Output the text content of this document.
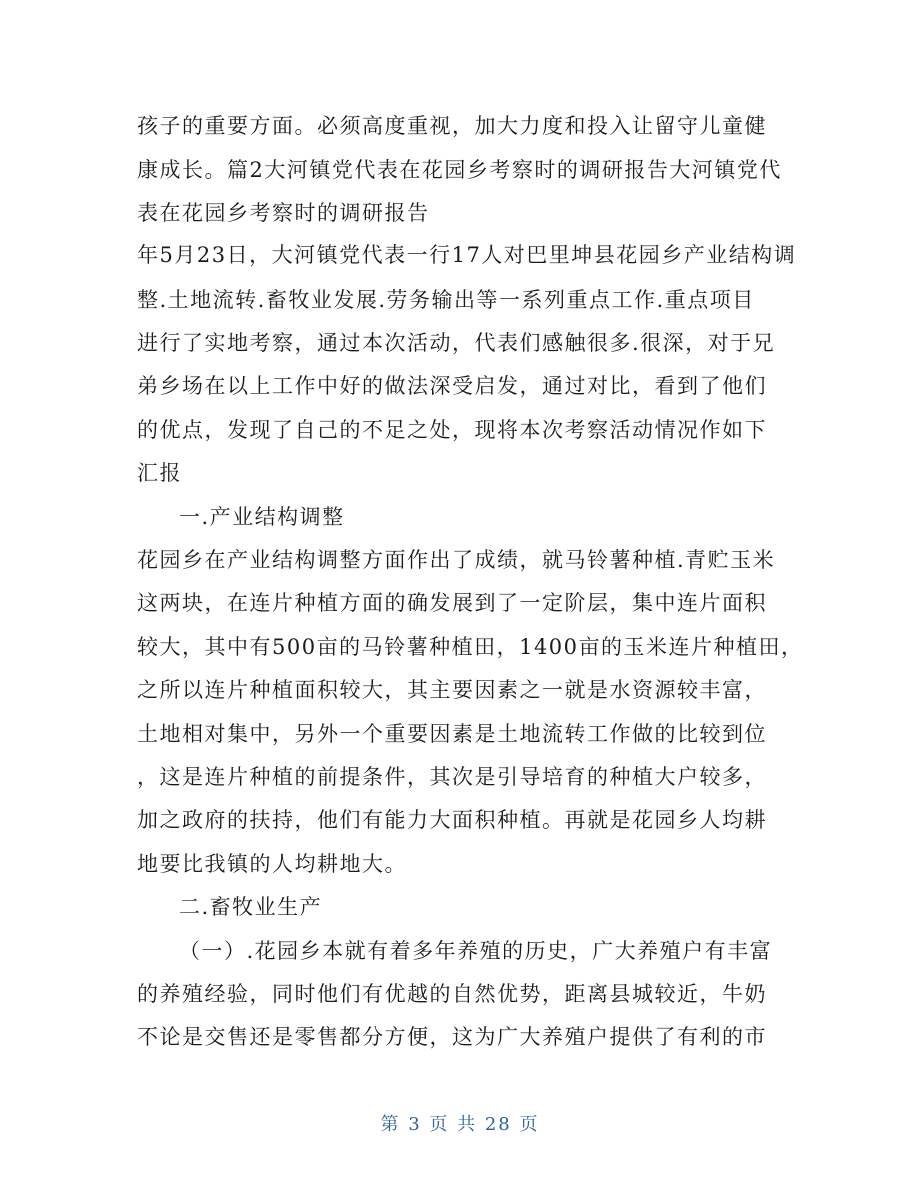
孩子的重要方面。必须高度重视，加大力度和投入让留守儿童健
康成长。篇2大河镇党代表在花园乡考察时的调研报告大河镇党代
表在花园乡考察时的调研报告
年5月23日，大河镇党代表一行17人对巴里坤县花园乡产业结构调
整.土地流转.畜牧业发展.劳务输出等一系列重点工作.重点项目
进行了实地考察，通过本次活动，代表们感触很多.很深，对于兄
弟乡场在以上工作中好的做法深受启发，通过对比，看到了他们
的优点，发现了自己的不足之处，现将本次考察活动情况作如下
汇报
一.产业结构调整
花园乡在产业结构调整方面作出了成绩，就马铃薯种植.青贮玉米
这两块，在连片种植方面的确发展到了一定阶层，集中连片面积
较大，其中有500亩的马铃薯种植田，1400亩的玉米连片种植田，
之所以连片种植面积较大，其主要因素之一就是水资源较丰富，
土地相对集中，另外一个重要因素是土地流转工作做的比较到位
，这是连片种植的前提条件，其次是引导培育的种植大户较多，
加之政府的扶持，他们有能力大面积种植。再就是花园乡人均耕
地要比我镇的人均耕地大。
二.畜牧业生产
（一）.花园乡本就有着多年养殖的历史，广大养殖户有丰富
的养殖经验，同时他们有优越的自然优势，距离县城较近，牛奶
不论是交售还是零售都分方便，这为广大养殖户提供了有利的市
第 3 页 共 28 页
